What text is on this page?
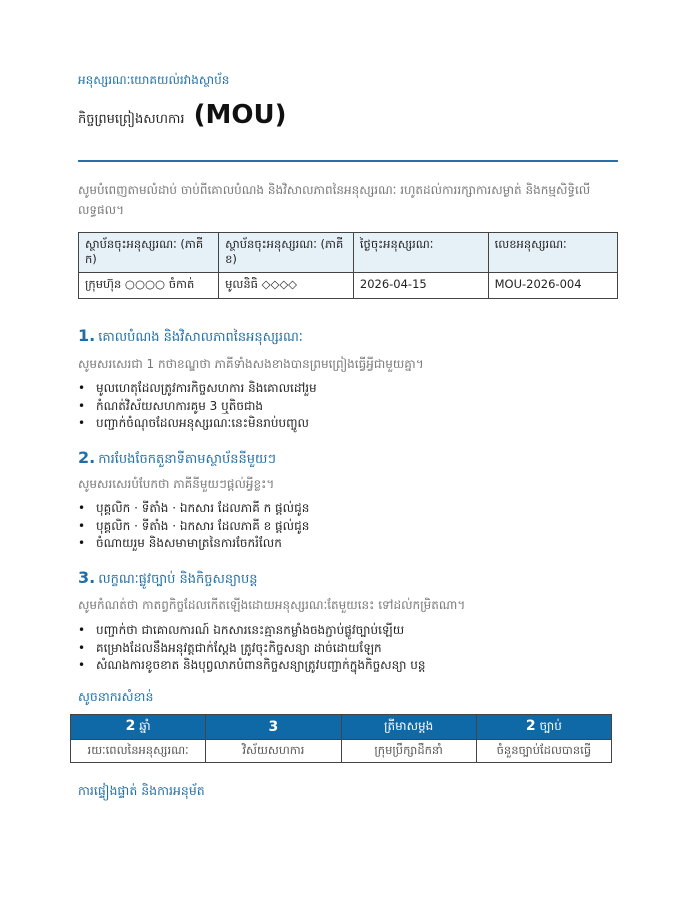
អនុស្សរណៈយោគយល់រវាងស្ថាប័ន
កិច្ចព្រមព្រៀងសហការ (MOU)
សូមបំពេញតាមលំដាប់ ចាប់ពីគោលបំណង និងវិសាលភាពនៃអនុស្សរណៈ រហូតដល់ការរក្សាការសម្ងាត់ និងកម្មសិទ្ធិលើលទ្ធផល។
ស្ថាប័នចុះអនុស្សរណៈ (ភាគី ក)	ស្ថាប័នចុះអនុស្សរណៈ (ភាគី ខ)	ថ្ងៃចុះអនុស្សរណៈ	លេខអនុស្សរណៈ
ក្រុមហ៊ុន ○○○○ ចំកាត់	មូលនិធិ ◇◇◇◇	2026-04-15	MOU-2026-004
1. គោលបំណង និងវិសាលភាពនៃអនុស្សរណៈ
សូមសរសេរជា 1 កថាខណ្ឌថា ភាគីទាំងសងខាងបានព្រមព្រៀងធ្វើអ្វីជាមួយគ្នា។
• មូលហេតុដែលត្រូវការកិច្ចសហការ និងគោលដៅរួម
• កំណត់វិស័យសហការគូម 3 ឬតិចជាង
• បញ្ជាក់ចំណុចដែលអនុស្សរណៈនេះមិនរាប់បញ្ចូល
2. ការបែងចែកតួនាទីតាមស្ថាប័ននីមួយៗ
សូមសរសេរបំបែកថា ភាគីនីមួយៗផ្តល់អ្វីខ្លះ។
• បុគ្គលិក · ទីតាំង · ឯកសារ ដែលភាគី ក ផ្តល់ជូន
• បុគ្គលិក · ទីតាំង · ឯកសារ ដែលភាគី ខ ផ្តល់ជូន
• ចំណាយរួម និងសមាមាត្រនៃការចែករំលែក
3. លក្ខណៈផ្លូវច្បាប់ និងកិច្ចសន្យាបន្ត
សូមកំណត់ថា កាតព្វកិច្ចដែលកើតឡើងដោយអនុស្សរណៈតែមួយនេះ ទៅដល់កម្រិតណា។
• បញ្ជាក់ថា ជាគោលការណ៍ ឯកសារនេះគ្មានកម្លាំងចងភ្ជាប់ផ្លូវច្បាប់ឡើយ
• គម្រោងដែលនឹងអនុវត្តជាក់ស្តែង ត្រូវចុះកិច្ចសន្យា ដាច់ដោយឡែក
• សំណងការខូចខាត និងបុព្វលាភបំពានកិច្ចសន្យាត្រូវបញ្ជាក់ក្នុងកិច្ចសន្យា បន្ត
សូចនាករសំខាន់
2 ឆ្នាំ	3	ត្រីមាសម្តង	2 ច្បាប់
រយៈពេលនៃអនុស្សរណៈ	វិស័យសហការ	ក្រុមប្រឹក្សាដឹកនាំ	ចំនួនច្បាប់ដែលបានធ្វើ
ការផ្ទៀងផ្ទាត់ និងការអនុម័ត
